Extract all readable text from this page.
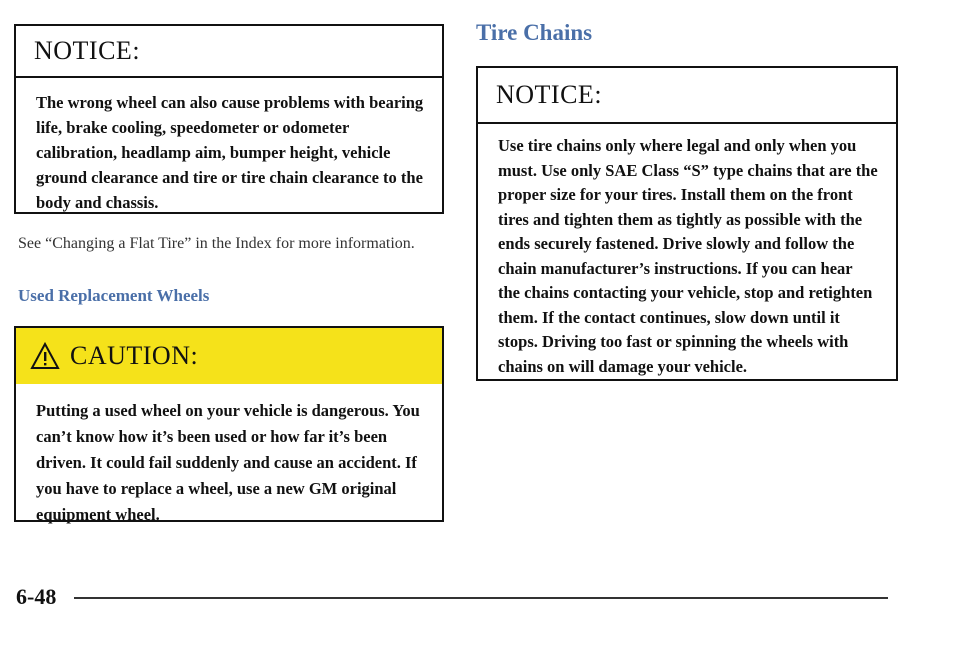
NOTICE:
The wrong wheel can also cause problems with bearing life, brake cooling, speedometer or odometer calibration, headlamp aim, bumper height, vehicle ground clearance and tire or tire chain clearance to the body and chassis.
See “Changing a Flat Tire” in the Index for more information.
Used Replacement Wheels
CAUTION:
Putting a used wheel on your vehicle is dangerous. You can’t know how it’s been used or how far it’s been driven. It could fail suddenly and cause an accident. If you have to replace a wheel, use a new GM original equipment wheel.
Tire Chains
NOTICE:
Use tire chains only where legal and only when you must. Use only SAE Class “S” type chains that are the proper size for your tires. Install them on the front tires and tighten them as tightly as possible with the ends securely fastened. Drive slowly and follow the chain manufacturer’s instructions. If you can hear the chains contacting your vehicle, stop and retighten them. If the contact continues, slow down until it stops. Driving too fast or spinning the wheels with chains on will damage your vehicle.
6-48
